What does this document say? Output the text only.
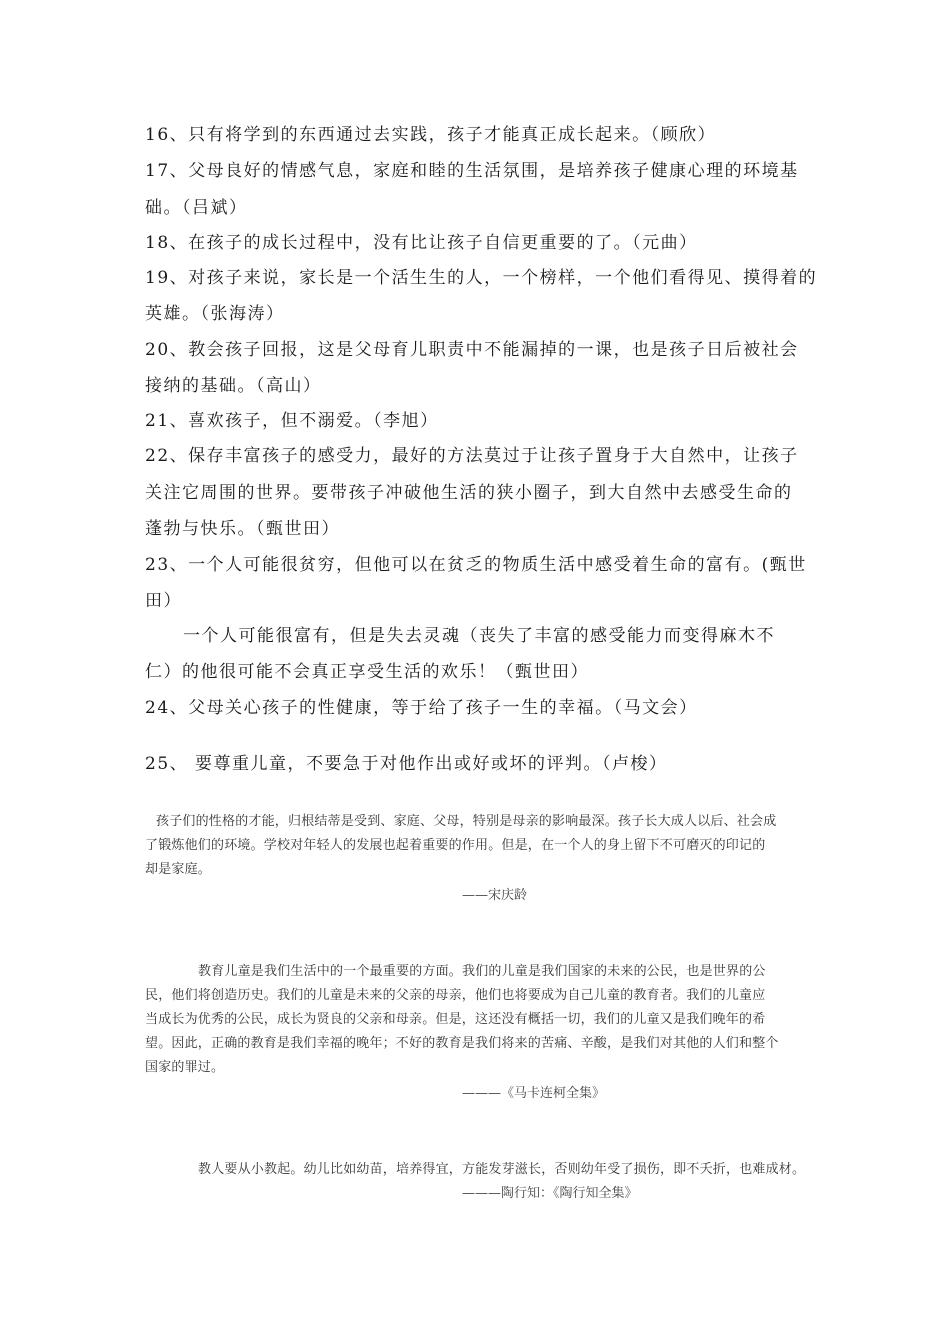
16、只有将学到的东西通过去实践，孩子才能真正成长起来。（顾欣）
17、父母良好的情感气息，家庭和睦的生活氛围，是培养孩子健康心理的环境基
础。（吕斌）
18、在孩子的成长过程中，没有比让孩子自信更重要的了。（元曲）
19、对孩子来说，家长是一个活生生的人，一个榜样，一个他们看得见、摸得着的
英雄。（张海涛）
20、教会孩子回报，这是父母育儿职责中不能漏掉的一课，也是孩子日后被社会
接纳的基础。（高山）
21、喜欢孩子，但不溺爱。（李旭）
22、保存丰富孩子的感受力，最好的方法莫过于让孩子置身于大自然中，让孩子
关注它周围的世界。要带孩子冲破他生活的狭小圈子，到大自然中去感受生命的
蓬勃与快乐。（甄世田）
23、一个人可能很贫穷，但他可以在贫乏的物质生活中感受着生命的富有。(甄世
田）
一个人可能很富有，但是失去灵魂（丧失了丰富的感受能力而变得麻木不
仁）的他很可能不会真正享受生活的欢乐！（甄世田）
24、父母关心孩子的性健康，等于给了孩子一生的幸福。（马文会）
25、 要尊重儿童，不要急于对他作出或好或坏的评判。（卢梭）
孩子们的性格的才能，归根结蒂是受到、家庭、父母，特别是母亲的影响最深。孩子长大成人以后、社会成
了锻炼他们的环境。学校对年轻人的发展也起着重要的作用。但是，在一个人的身上留下不可磨灭的印记的
却是家庭。
——宋庆龄
教育儿童是我们生活中的一个最重要的方面。我们的儿童是我们国家的未来的公民，也是世界的公
民，他们将创造历史。我们的儿童是未来的父亲的母亲，他们也将要成为自己儿童的教育者。我们的儿童应
当成长为优秀的公民，成长为贤良的父亲和母亲。但是，这还没有概括一切，我们的儿童又是我们晚年的希
望。因此，正确的教育是我们幸福的晚年；不好的教育是我们将来的苦痛、辛酸，是我们对其他的人们和整个
国家的罪过。
———《马卡连柯全集》
教人要从小教起。幼儿比如幼苗，培养得宜，方能发芽滋长，否则幼年受了损伤，即不夭折，也难成材。
———陶行知：《陶行知全集》
